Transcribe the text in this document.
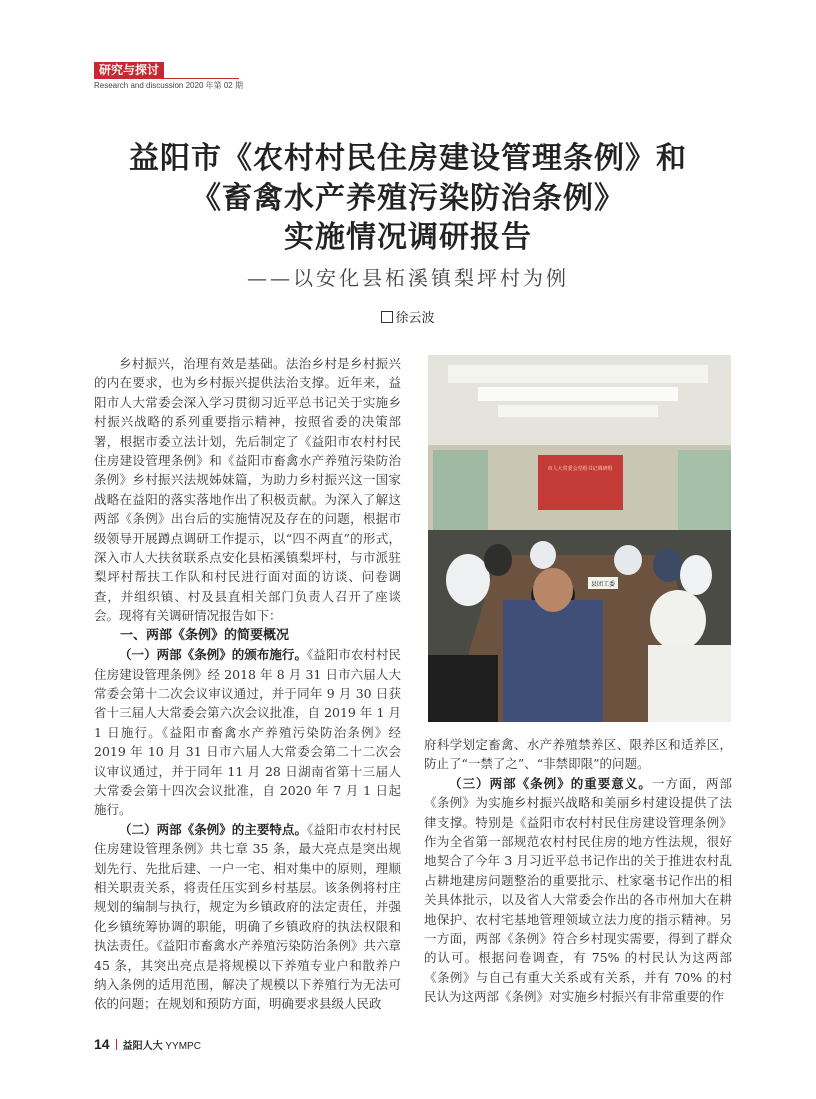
研究与探讨
Research and discussion 2020 年第 02 期
益阳市《农村村民住房建设管理条例》和
《畜禽水产养殖污染防治条例》
实施情况调研报告
——以安化县柘溪镇梨坪村为例
徐云波

乡村振兴，治理有效是基础。法治乡村是乡村振兴的内在要求，也为乡村振兴提供法治支撑。近年来，益阳市人大常委会深入学习贯彻习近平总书记关于实施乡村振兴战略的系列重要指示精神，按照省委的决策部署，根据市委立法计划，先后制定了《益阳市农村村民住房建设管理条例》和《益阳市畜禽水产养殖污染防治条例》乡村振兴法规姊妹篇，为助力乡村振兴这一国家战略在益阳的落实落地作出了积极贡献。为深入了解这两部《条例》出台后的实施情况及存在的问题，根据市级领导开展蹲点调研工作提示，以“四不两直”的形式，深入市人大扶贫联系点安化县柘溪镇梨坪村，与市派驻梨坪村帮扶工作队和村民进行面对面的访谈、问卷调查，并组织镇、村及县直相关部门负责人召开了座谈会。现将有关调研情况报告如下：

一、两部《条例》的简要概况

（一）两部《条例》的颁布施行。《益阳市农村村民住房建设管理条例》经 2018 年 8 月 31 日市六届人大常委会第十二次会议审议通过，并于同年 9 月 30 日获省十三届人大常委会第六次会议批准，自 2019 年 1 月 1 日施行。《益阳市畜禽水产养殖污染防治条例》经 2019 年 10 月 31 日市六届人大常委会第二十二次会议审议通过，并于同年 11 月 28 日湖南省第十三届人大常委会第十四次会议批准，自 2020 年 7 月 1 日起施行。

（二）两部《条例》的主要特点。《益阳市农村村民住房建设管理条例》共七章 35 条，最大亮点是突出规划先行、先批后建、一户一宅、相对集中的原则，理顺相关职责关系，将责任压实到乡村基层。该条例将村庄规划的编制与执行，规定为乡镇政府的法定责任，并强化乡镇统筹协调的职能，明确了乡镇政府的执法权限和执法责任。《益阳市畜禽水产养殖污染防治条例》共六章 45 条，其突出亮点是将规模以下养殖专业户和散养户纳入条例的适用范围，解决了规模以下养殖行为无法可依的问题；在规划和预防方面，明确要求县级人民政

市人大常委会党组书记调研组
县团工委

府科学划定畜禽、水产养殖禁养区、限养区和适养区，防止了“一禁了之”、“非禁即限”的问题。

（三）两部《条例》的重要意义。一方面，两部《条例》为实施乡村振兴战略和美丽乡村建设提供了法律支撑。特别是《益阳市农村村民住房建设管理条例》作为全省第一部规范农村村民住房的地方性法规，很好地契合了今年 3 月习近平总书记作出的关于推进农村乱占耕地建房问题整治的重要批示、杜家毫书记作出的相关具体批示，以及省人大常委会作出的各市州加大在耕地保护、农村宅基地管理领域立法力度的指示精神。另一方面，两部《条例》符合乡村现实需要，得到了群众的认可。根据问卷调查，有 75% 的村民认为这两部《条例》与自己有重大关系或有关系，并有 70% 的村民认为这两部《条例》对实施乡村振兴有非常重要的作

14 益阳人大 YYMPC
